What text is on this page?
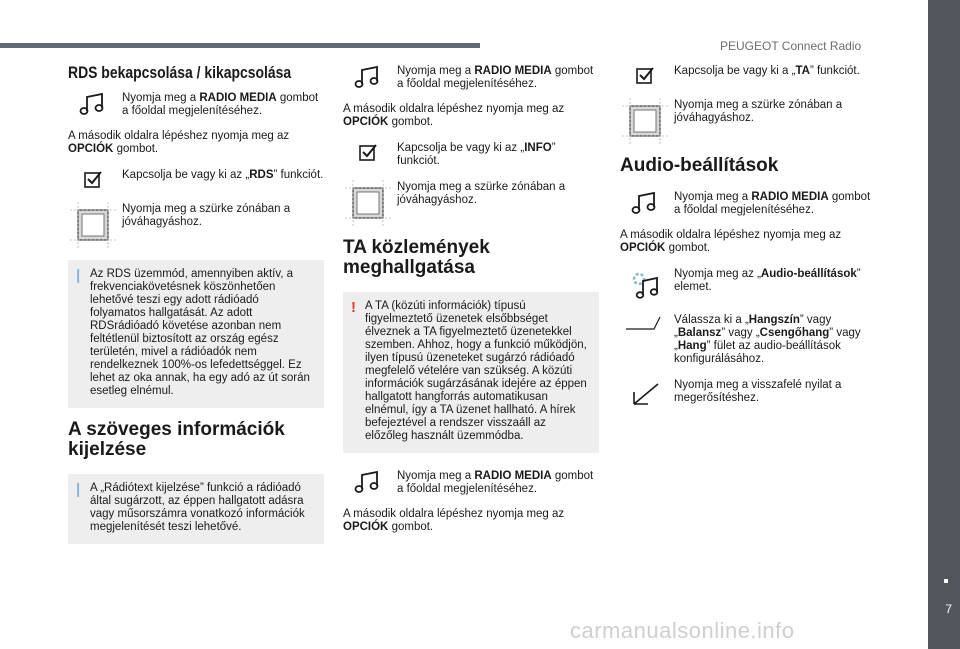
PEUGEOT Connect Radio
7
carmanualsonline.info
RDS bekapcsolása / kikapcsolása
Nyomja meg a RADIO MEDIA gombot a főoldal megjelenítéséhez.
A második oldalra lépéshez nyomja meg az OPCIÓK gombot.
Kapcsolja be vagy ki az „RDS” funkciót.
Nyomja meg a szürke zónában a jóváhagyáshoz.
| Az RDS üzemmód, amennyiben aktív, a frekvenciakövetésnek köszönhetően lehetővé teszi egy adott rádióadó folyamatos hallgatását. Az adott RDSrádióadó követése azonban nem feltétlenül biztosított az ország egész területén, mivel a rádióadók nem rendelkeznek 100%-os lefedettséggel. Ez lehet az oka annak, ha egy adó az út során esetleg elnémul.
A szöveges információk kijelzése
| A „Rádiótext kijelzése” funkció a rádióadó által sugárzott, az éppen hallgatott adásra vagy műsorszámra vonatkozó információk megjelenítését teszi lehetővé.
Nyomja meg a RADIO MEDIA gombot a főoldal megjelenítéséhez.
A második oldalra lépéshez nyomja meg az OPCIÓK gombot.
Kapcsolja be vagy ki az „INFO” funkciót.
Nyomja meg a szürke zónában a jóváhagyáshoz.
TA közlemények meghallgatása
! A TA (közúti információk) típusú figyelmeztető üzenetek elsőbbséget élveznek a TA figyelmeztető üzenetekkel szemben. Ahhoz, hogy a funkció működjön, ilyen típusú üzeneteket sugárzó rádióadó megfelelő vételére van szükség. A közúti információk sugárzásának idejére az éppen hallgatott hangforrás automatikusan elnémul, így a TA üzenet hallható. A hírek befejeztével a rendszer visszaáll az előzőleg használt üzemmódba.
Nyomja meg a RADIO MEDIA gombot a főoldal megjelenítéséhez.
A második oldalra lépéshez nyomja meg az OPCIÓK gombot.
Kapcsolja be vagy ki a „TA” funkciót.
Nyomja meg a szürke zónában a jóváhagyáshoz.
Audio-beállítások
Nyomja meg a RADIO MEDIA gombot a főoldal megjelenítéséhez.
A második oldalra lépéshez nyomja meg az OPCIÓK gombot.
Nyomja meg az „Audio-beállítások” elemet.
Válassza ki a „Hangszín” vagy „Balansz” vagy „Csengőhang” vagy „Hang” fület az audio-beállítások konfigurálásához.
Nyomja meg a visszafelé nyilat a megerősítéshez.
